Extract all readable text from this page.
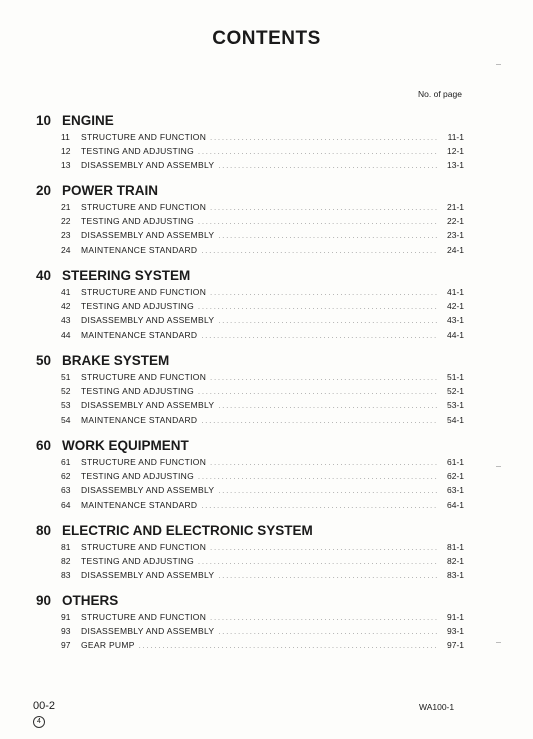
CONTENTS
No. of page
10 ENGINE
11	STRUCTURE AND FUNCTION .....	11-1
12	TESTING AND ADJUSTING .....	12-1
13	DISASSEMBLY AND ASSEMBLY .....	13-1
20 POWER TRAIN
21	STRUCTURE AND FUNCTION .....	21-1
22	TESTING AND ADJUSTING .....	22-1
23	DISASSEMBLY AND ASSEMBLY .....	23-1
24	MAINTENANCE STANDARD .....	24-1
40 STEERING SYSTEM
41	STRUCTURE AND FUNCTION .....	41-1
42	TESTING AND ADJUSTING .....	42-1
43	DISASSEMBLY AND ASSEMBLY .....	43-1
44	MAINTENANCE STANDARD .....	44-1
50 BRAKE SYSTEM
51	STRUCTURE AND FUNCTION .....	51-1
52	TESTING AND ADJUSTING .....	52-1
53	DISASSEMBLY AND ASSEMBLY .....	53-1
54	MAINTENANCE STANDARD .....	54-1
60 WORK EQUIPMENT
61	STRUCTURE AND FUNCTION .....	61-1
62	TESTING AND ADJUSTING .....	62-1
63	DISASSEMBLY AND ASSEMBLY .....	63-1
64	MAINTENANCE STANDARD .....	64-1
80 ELECTRIC AND ELECTRONIC SYSTEM
81	STRUCTURE AND FUNCTION .....	81-1
82	TESTING AND ADJUSTING .....	82-1
83	DISASSEMBLY AND ASSEMBLY .....	83-1
90 OTHERS
91	STRUCTURE AND FUNCTION .....	91-1
93	DISASSEMBLY AND ASSEMBLY .....	93-1
97	GEAR PUMP .....	97-1
00-2
4
WA100-1
